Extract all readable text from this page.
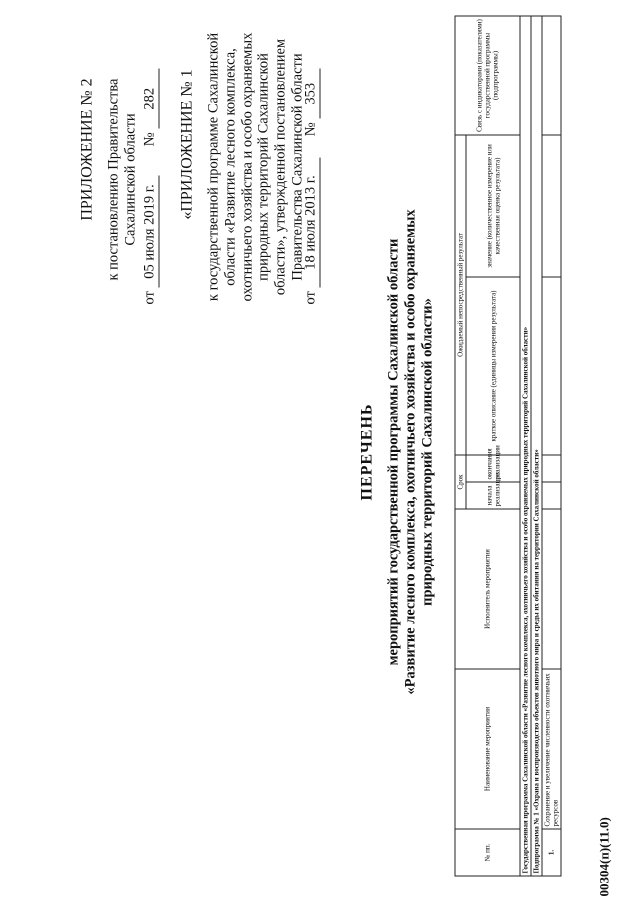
ПРИЛОЖЕНИЕ № 2 к постановлению Правительства Сахалинской области
от 05 июля 2019 г.  № 282 «ПРИЛОЖЕНИЕ № 1 к государственной программе Сахалинской области «Развитие лесного комплекса, охотничьего хозяйства и особо охраняемых природных территорий Сахалинской области», утвержденной постановлением Правительства Сахалинской области
от 18 июля 2013 г.  № 353

ПЕРЕЧЕНЬ мероприятий государственной программы Сахалинской области «Развитие лесного комплекса, охотничьего хозяйства и особо охраняемых природных территорий Сахалинской области»
№ пп.	Наименование мероприятия	Исполнитель мероприятия	Срок		Ожидаемый непосредственный результат		Связь с индикаторами (показателями) государственной программы (подпрограммы)
			начала реализации	окончания реализации	краткое описание (единицы измерения результата)	значение (количественное измерение или качественная оценка результата)	
Государственная программа Сахалинской области «Развитие лесного комплекса, охотничьего хозяйства и особо охраняемых природных территорий Сахалинской области»							
Подпрограмма № 1 «Охрана и воспроизводство объектов животного мира и среды их обитания на территории Сахалинской области»							
1.	Сохранение и увеличение численности охотничьих ресурсов						

00304(п)(11.0)
